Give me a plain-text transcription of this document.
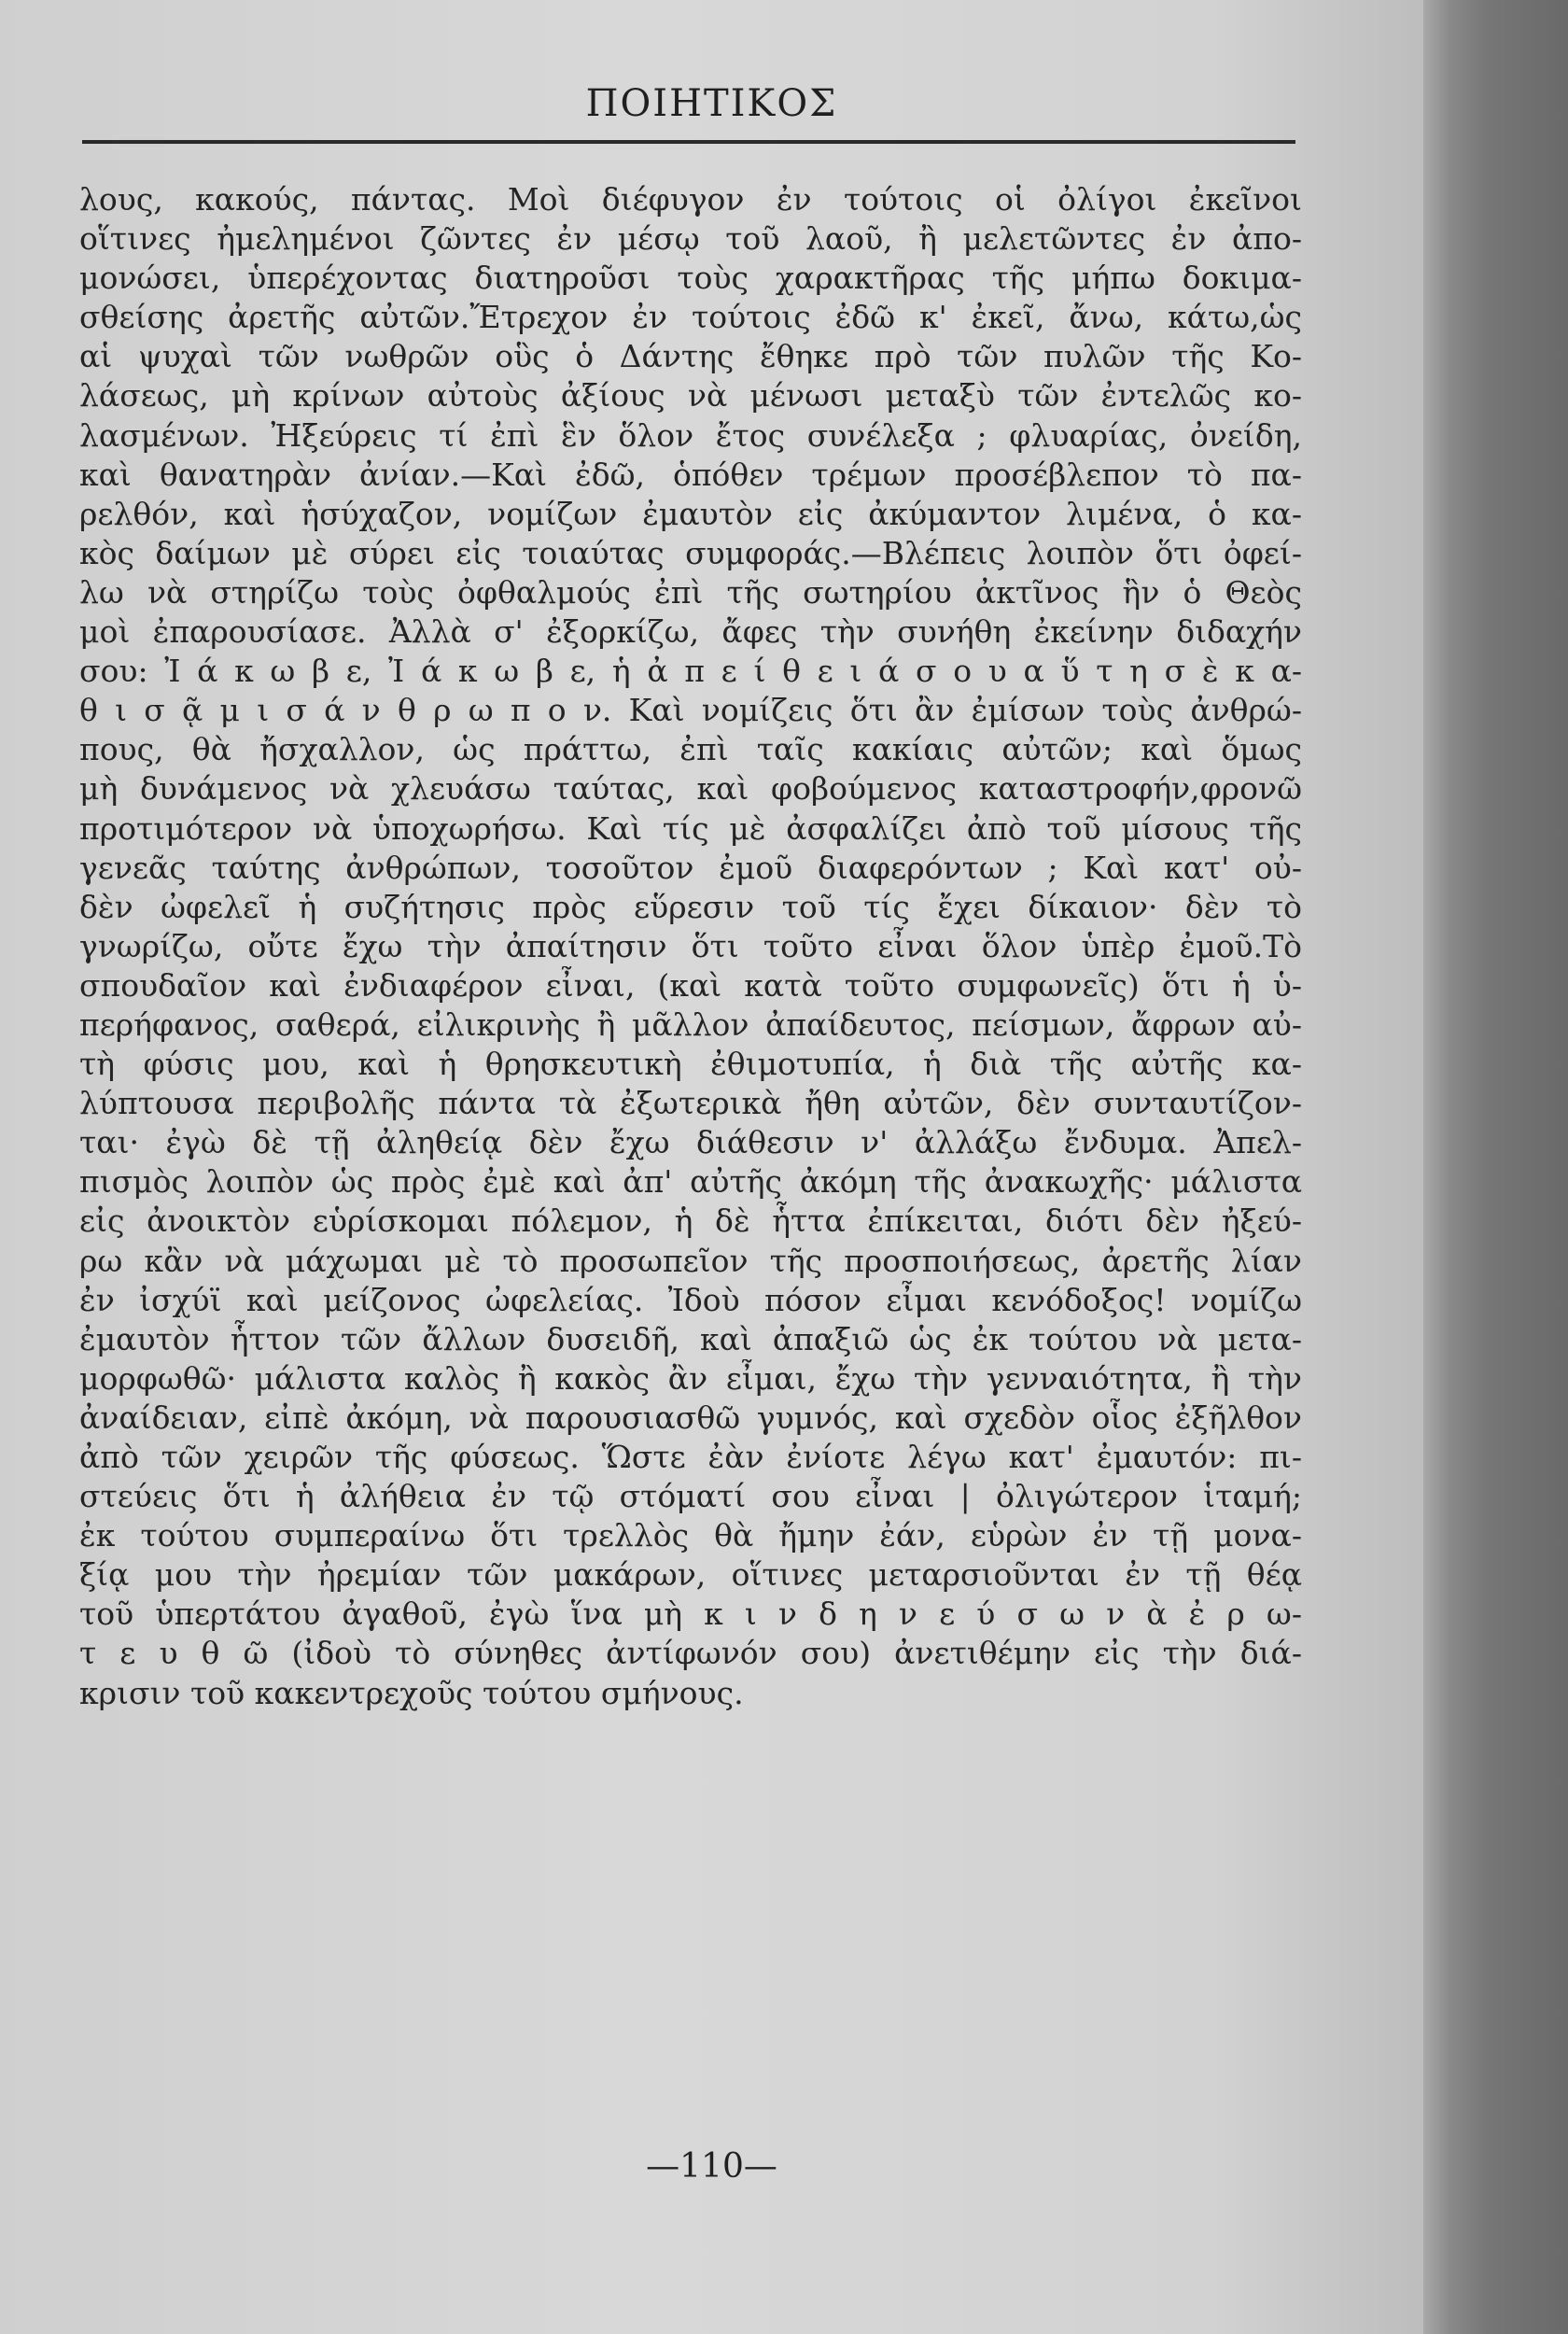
ΠΟΙΗΤΙΚΟΣ
λους, κακούς, πάντας. Μοὶ διέφυγον ἐν τούτοις οἱ ὀλίγοι ἐκεῖνοι
οἵτινες ἠμελημένοι ζῶντες ἐν μέσῳ τοῦ λαοῦ, ἢ μελετῶντες ἐν ἀπο-
μονώσει, ὑπερέχοντας διατηροῦσι τοὺς χαρακτῆρας τῆς μήπω δοκιμα-
σθείσης ἀρετῆς αὐτῶν.Ἔτρεχον ἐν τούτοις ἐδῶ κ' ἐκεῖ, ἄνω, κάτω,ὡς
αἱ ψυχαὶ τῶν νωθρῶν οὓς ὁ Δάντης ἔθηκε πρὸ τῶν πυλῶν τῆς Κο-
λάσεως, μὴ κρίνων αὐτοὺς ἀξίους νὰ μένωσι μεταξὺ τῶν ἐντελῶς κο-
λασμένων. Ἠξεύρεις τί ἐπὶ ἓν ὅλον ἔτος συνέλεξα ; φλυαρίας, ὀνείδη,
καὶ θανατηρὰν ἀνίαν.—Καὶ ἐδῶ, ὁπόθεν τρέμων προσέβλεπον τὸ πα-
ρελθόν, καὶ ἡσύχαζον, νομίζων ἐμαυτὸν εἰς ἀκύμαντον λιμένα, ὁ κα-
κὸς δαίμων μὲ σύρει εἰς τοιαύτας συμφοράς.—Βλέπεις λοιπὸν ὅτι ὀφεί-
λω νὰ στηρίζω τοὺς ὀφθαλμούς ἐπὶ τῆς σωτηρίου ἀκτῖνος ἣν ὁ Θεὸς
μοὶ ἐπαρουσίασε. Ἀλλὰ σ' ἐξορκίζω, ἄφες τὴν συνήθη ἐκείνην διδαχήν
σου: Ἰ ά κ ω β ε, Ἰ ά κ ω β ε, ἡ ἀ π ε ί θ ε ι ά σ ο υ α ὕ τ η σ ὲ κ α-
θ ι σ ᾷ μ ι σ ά ν θ ρ ω π ο ν. Καὶ νομίζεις ὅτι ἂν ἐμίσων τοὺς ἀνθρώ-
πους, θὰ ἤσχαλλον, ὡς πράττω, ἐπὶ ταῖς κακίαις αὐτῶν; καὶ ὅμως
μὴ δυνάμενος νὰ χλευάσω ταύτας, καὶ φοβούμενος καταστροφήν,φρονῶ
προτιμότερον νὰ ὑποχωρήσω. Καὶ τίς μὲ ἀσφαλίζει ἀπὸ τοῦ μίσους τῆς
γενεᾶς ταύτης ἀνθρώπων, τοσοῦτον ἐμοῦ διαφερόντων ; Καὶ κατ' οὐ-
δὲν ὠφελεῖ ἡ συζήτησις πρὸς εὕρεσιν τοῦ τίς ἔχει δίκαιον· δὲν τὸ
γνωρίζω, οὔτε ἔχω τὴν ἀπαίτησιν ὅτι τοῦτο εἶναι ὅλον ὑπὲρ ἐμοῦ.Τὸ
σπουδαῖον καὶ ἐνδιαφέρον εἶναι, (καὶ κατὰ τοῦτο συμφωνεῖς) ὅτι ἡ ὑ-
περήφανος, σαθερά, εἰλικρινὴς ἢ μᾶλλον ἀπαίδευτος, πείσμων, ἄφρων αὐ-
τὴ φύσις μου, καὶ ἡ θρησκευτικὴ ἐθιμοτυπία, ἡ διὰ τῆς αὐτῆς κα-
λύπτουσα περιβολῆς πάντα τὰ ἐξωτερικὰ ἤθη αὐτῶν, δὲν συνταυτίζον-
ται· ἐγὼ δὲ τῇ ἀληθείᾳ δὲν ἔχω διάθεσιν ν' ἀλλάξω ἔνδυμα. Ἀπελ-
πισμὸς λοιπὸν ὡς πρὸς ἐμὲ καὶ ἀπ' αὐτῆς ἀκόμη τῆς ἀνακωχῆς· μάλιστα
εἰς ἀνοικτὸν εὑρίσκομαι πόλεμον, ἡ δὲ ἧττα ἐπίκειται, διότι δὲν ἠξεύ-
ρω κἂν νὰ μάχωμαι μὲ τὸ προσωπεῖον τῆς προσποιήσεως, ἀρετῆς λίαν
ἐν ἰσχύϊ καὶ μείζονος ὠφελείας. Ἰδοὺ πόσον εἶμαι κενόδοξος! νομίζω
ἐμαυτὸν ἧττον τῶν ἄλλων δυσειδῆ, καὶ ἀπαξιῶ ὡς ἐκ τούτου νὰ μετα-
μορφωθῶ· μάλιστα καλὸς ἢ κακὸς ἂν εἶμαι, ἔχω τὴν γενναιότητα, ἢ τὴν
ἀναίδειαν, εἰπὲ ἀκόμη, νὰ παρουσιασθῶ γυμνός, καὶ σχεδὸν οἷος ἐξῆλθον
ἀπὸ τῶν χειρῶν τῆς φύσεως. Ὥστε ἐὰν ἐνίοτε λέγω κατ' ἐμαυτόν: πι-
στεύεις ὅτι ἡ ἀλήθεια ἐν τῷ στόματί σου εἶναι | ὀλιγώτερον ἱταμή;
ἐκ τούτου συμπεραίνω ὅτι τρελλὸς θὰ ἤμην ἐάν, εὑρὼν ἐν τῇ μονα-
ξίᾳ μου τὴν ἠρεμίαν τῶν μακάρων, οἵτινες μεταρσιοῦνται ἐν τῇ θέᾳ
τοῦ ὑπερτάτου ἀγαθοῦ, ἐγὼ ἵνα μὴ κ ι ν δ η ν ε ύ σ ω ν ὰ ἐ ρ ω-
τ ε υ θ ῶ (ἰδοὺ τὸ σύνηθες ἀντίφωνόν σου) ἀνετιθέμην εἰς τὴν διά-
κρισιν τοῦ κακεντρεχοῦς τούτου σμήνους.
—110—
